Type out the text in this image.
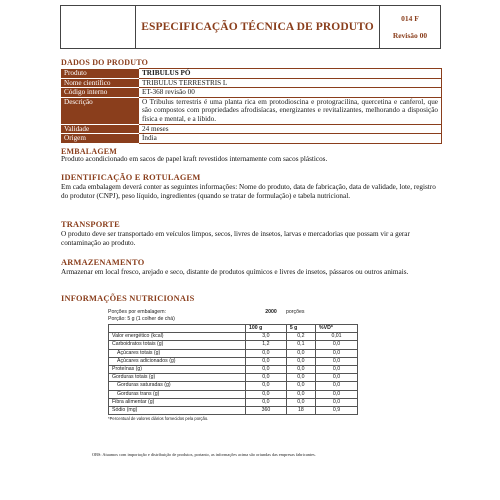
ESPECIFICAÇÃO TÉCNICA DE PRODUTO
014 F
Revisão 00
DADOS DO PRODUTO
Produto	TRIBULUS PÓ
Nome científico	TRIBULUS TERRESTRIS L
Código interno	ET-368 revisão 00
Descrição	O Tribulus terrestris é uma planta rica em protodioscina e protogracilina, quercetina e canferol, que são compostos com propriedades afrodisíacas, energizantes e revitalizantes, melhorando a disposição física e mental, e a libido.
Validade	24 meses
Origem	Índia
EMBALAGEM
Produto acondicionado em sacos de papel kraft revestidos internamente com sacos plásticos.
IDENTIFICAÇÃO E ROTULAGEM
Em cada embalagem deverá conter as seguintes informações: Nome do produto, data de fabricação, data de validade, lote, registro do produtor (CNPJ), peso líquido, ingredientes (quando se tratar de formulação) e tabela nutricional.
TRANSPORTE
O produto deve ser transportado em veículos limpos, secos, livres de insetos, larvas e mercadorias que possam vir a gerar contaminação ao produto.
ARMAZENAMENTO
Armazenar em local fresco, arejado e seco, distante de produtos químicos e livres de insetos, pássaros ou outros animais.
INFORMAÇÕES NUTRICIONAIS
Porções por embalagem:	2000	porções
Porção: 5 g (1 colher de chá)
	100 g	5 g	%VD*
Valor energético (kcal)	3,0	0,2	0,01
Carboidratos totais (g)	1,2	0,1	0,0
Açúcares totais (g)	0,0	0,0	0,0
Açúcares adicionados (g)	0,0	0,0	0,0
Proteínas (g)	0,0	0,0	0,0
Gorduras totais (g)	0,0	0,0	0,0
Gorduras saturadas (g)	0,0	0,0	0,0
Gorduras trans (g)	0,0	0,0	0,0
Fibra alimentar (g)	0,0	0,0	0,0
Sódio (mg)	360	18	0,9
*Percentual de valores diários fornecidos pela porção.
OBS: Atuamos com importação e distribuição de produtos, portanto, as informações acima são oriundas das empresas fabricantes.
